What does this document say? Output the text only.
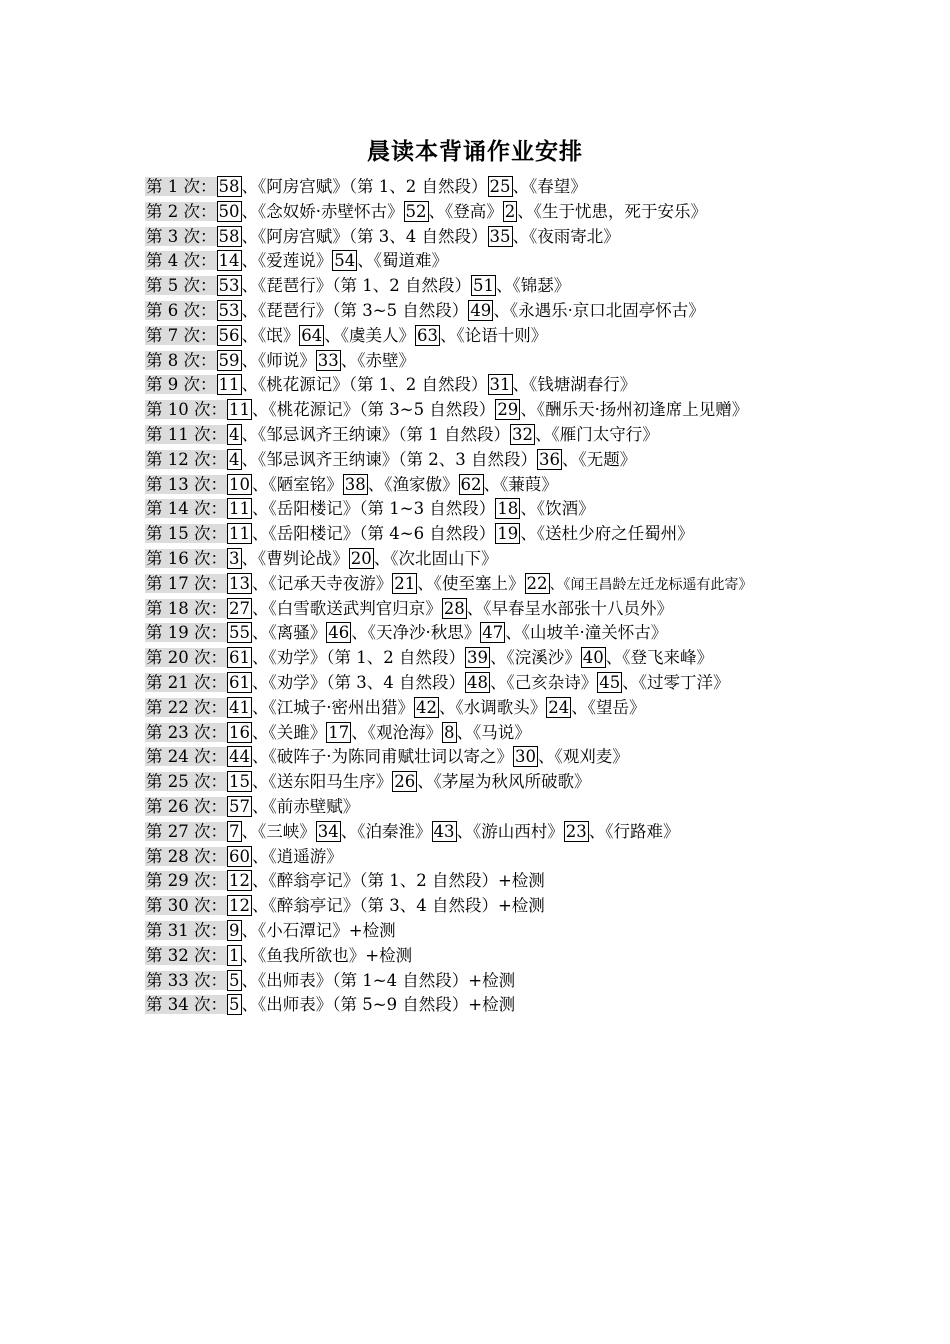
晨读本背诵作业安排
第 1 次： 58 、《阿房宫赋》（第 1、2 自然段） 25 、《春望》
第 2 次： 50 、《念奴娇·赤壁怀古》 52 、《登高》 2 、《生于忧患，死于安乐》
第 3 次： 58 、《阿房宫赋》（第 3、4 自然段） 35 、《夜雨寄北》
第 4 次： 14 、《爱莲说》 54 、《蜀道难》
第 5 次： 53 、《琵琶行》（第 1、2 自然段） 51 、《锦瑟》
第 6 次： 53 、《琵琶行》（第 3~5 自然段） 49 、《永遇乐·京口北固亭怀古》
第 7 次： 56 、《氓》 64 、《虞美人》 63 、《论语十则》
第 8 次： 59 、《师说》 33 、《赤壁》
第 9 次： 11 、《桃花源记》（第 1、2 自然段） 31 、《钱塘湖春行》
第 10 次： 11 、《桃花源记》（第 3~5 自然段） 29 、《酬乐天·扬州初逢席上见赠》
第 11 次： 4 、《邹忌讽齐王纳谏》（第 1 自然段） 32 、《雁门太守行》
第 12 次： 4 、《邹忌讽齐王纳谏》（第 2、3 自然段） 36 、《无题》
第 13 次： 10 、《陋室铭》 38 、《渔家傲》 62 、《蒹葭》
第 14 次： 11 、《岳阳楼记》（第 1~3 自然段） 18 、《饮酒》
第 15 次： 11 、《岳阳楼记》（第 4~6 自然段） 19 、《送杜少府之任蜀州》
第 16 次： 3 、《曹刿论战》 20 、《次北固山下》
第 17 次： 13 、《记承天寺夜游》 21 、《使至塞上》 22 、《闻王昌龄左迁龙标遥有此寄》
第 18 次： 27 、《白雪歌送武判官归京》 28 、《早春呈水部张十八员外》
第 19 次： 55 、《离骚》 46 、《天净沙·秋思》 47 、《山坡羊·潼关怀古》
第 20 次： 61 、《劝学》（第 1、2 自然段） 39 、《浣溪沙》 40 、《登飞来峰》
第 21 次： 61 、《劝学》（第 3、4 自然段） 48 、《己亥杂诗》 45 、《过零丁洋》
第 22 次： 41 、《江城子·密州出猎》 42 、《水调歌头》 24 、《望岳》
第 23 次： 16 、《关雎》 17 、《观沧海》 8 、《马说》
第 24 次： 44 、《破阵子·为陈同甫赋壮词以寄之》 30 、《观刈麦》
第 25 次： 15 、《送东阳马生序》 26 、《茅屋为秋风所破歌》
第 26 次： 57 、《前赤壁赋》
第 27 次： 7 、《三峡》 34 、《泊秦淮》 43 、《游山西村》 23 、《行路难》
第 28 次： 60 、《逍遥游》
第 29 次： 12 、《醉翁亭记》（第 1、2 自然段）+检测
第 30 次： 12 、《醉翁亭记》（第 3、4 自然段）+检测
第 31 次： 9 、《小石潭记》+检测
第 32 次： 1 、《鱼我所欲也》+检测
第 33 次： 5 、《出师表》（第 1~4 自然段）+检测
第 34 次： 5 、《出师表》（第 5~9 自然段）+检测
